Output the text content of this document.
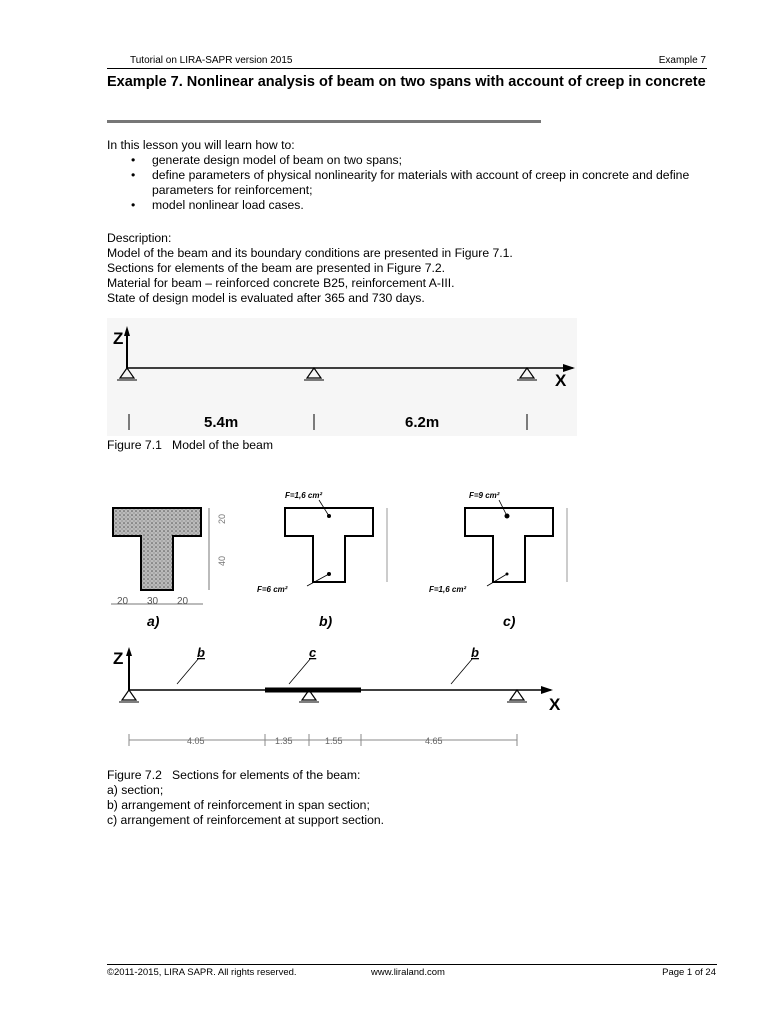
Tutorial on LIRA-SAPR version 2015	Example 7
Example 7. Nonlinear analysis of beam on two spans with account of creep in concrete
In this lesson you will learn how to:
• generate design model of beam on two spans;
• define parameters of physical nonlinearity for materials with account of creep in concrete and define parameters for reinforcement;
• model nonlinear load cases.
Description:
Model of the beam and its boundary conditions are presented in Figure 7.1.
Sections for elements of the beam are presented in Figure 7.2.
Material for beam – reinforced concrete B25, reinforcement A-III.
State of design model is evaluated after 365 and 730 days.
Z
X
5.4m	6.2m
Figure 7.1 Model of the beam
20
40
20 30 20
a)
F=1,6 cm²
F=6 cm²
b)
F=9 cm²
F=1,6 cm²
c)
Z
X
b	c	b
4.05	1.35	1.55	4.65
Figure 7.2 Sections for elements of the beam:
a) section;
b) arrangement of reinforcement in span section;
c) arrangement of reinforcement at support section.
©2011-2015, LIRA SAPR. All rights reserved.	www.liraland.com	Page 1 of 24
